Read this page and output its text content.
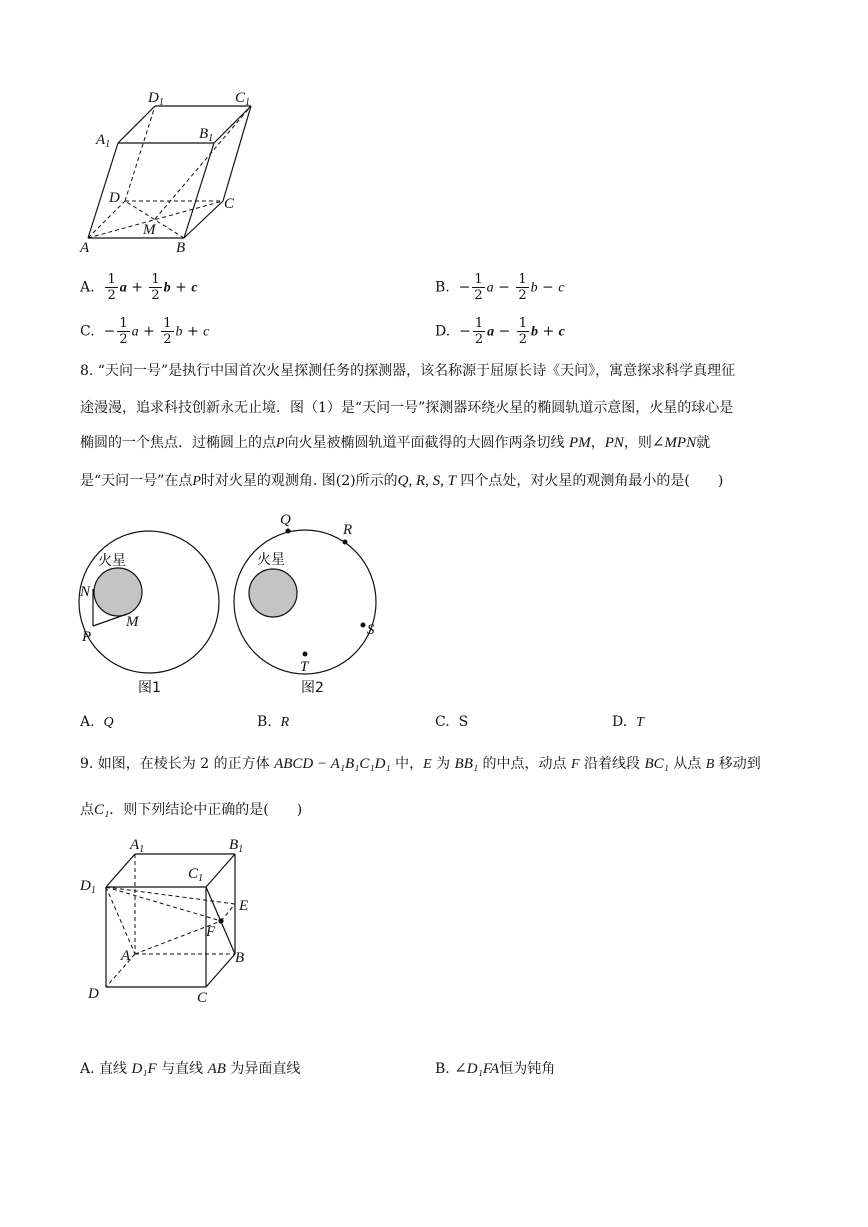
$D_1$	$C_1$
$A_1$
$B_1$
D	C
A	B
M
A. $\frac{1}{2}$ $a + \frac{1}{2}$ b + c	B.  − $\frac{1}{2}$ $a - \frac{1}{2}$ b − c
C.  − $\frac{1}{2}$ $a + \frac{1}{2}$ b + c	D.  − $\frac{1}{2}$ $a - \frac{1}{2}$ b + c
8. “天问一号”是执行中国首次火星探测任务的探测器，该名称源于屈原长诗《天问》，寓意探求科学真理征
途漫漫，追求科技创新永无止境．图（1）是“天问一号”探测器环绕火星的椭圆轨道示意图，火星的球心是
椭圆的一个焦点．过椭圆上的点P向火星被椭圆轨道平面截得的大圆作两条切线 PM，PN，则∠MPN就
是“天问一号”在点P时对火星的观测角. 图(2)所示的Q, R, S, T 四个点处，对火星的观测角最小的是(　　)
火星
N
M
P
图1
火星
Q
R
S
T
图2
A. Q	B. R	C. S	D. T
9. 如图，在棱长为 2 的正方体 ABCD − A₁B₁C₁D₁ 中，E 为 BB₁ 的中点，动点 F 沿着线段 BC₁ 从点 B 移动到
点C₁．则下列结论中正确的是(　　)
$A_1$	$B_1$
$C_1$
$D_1$
E
F
A	B
C
D
A. 直线 D₁F 与直线 AB 为异面直线	B. ∠D₁FA恒为钝角
